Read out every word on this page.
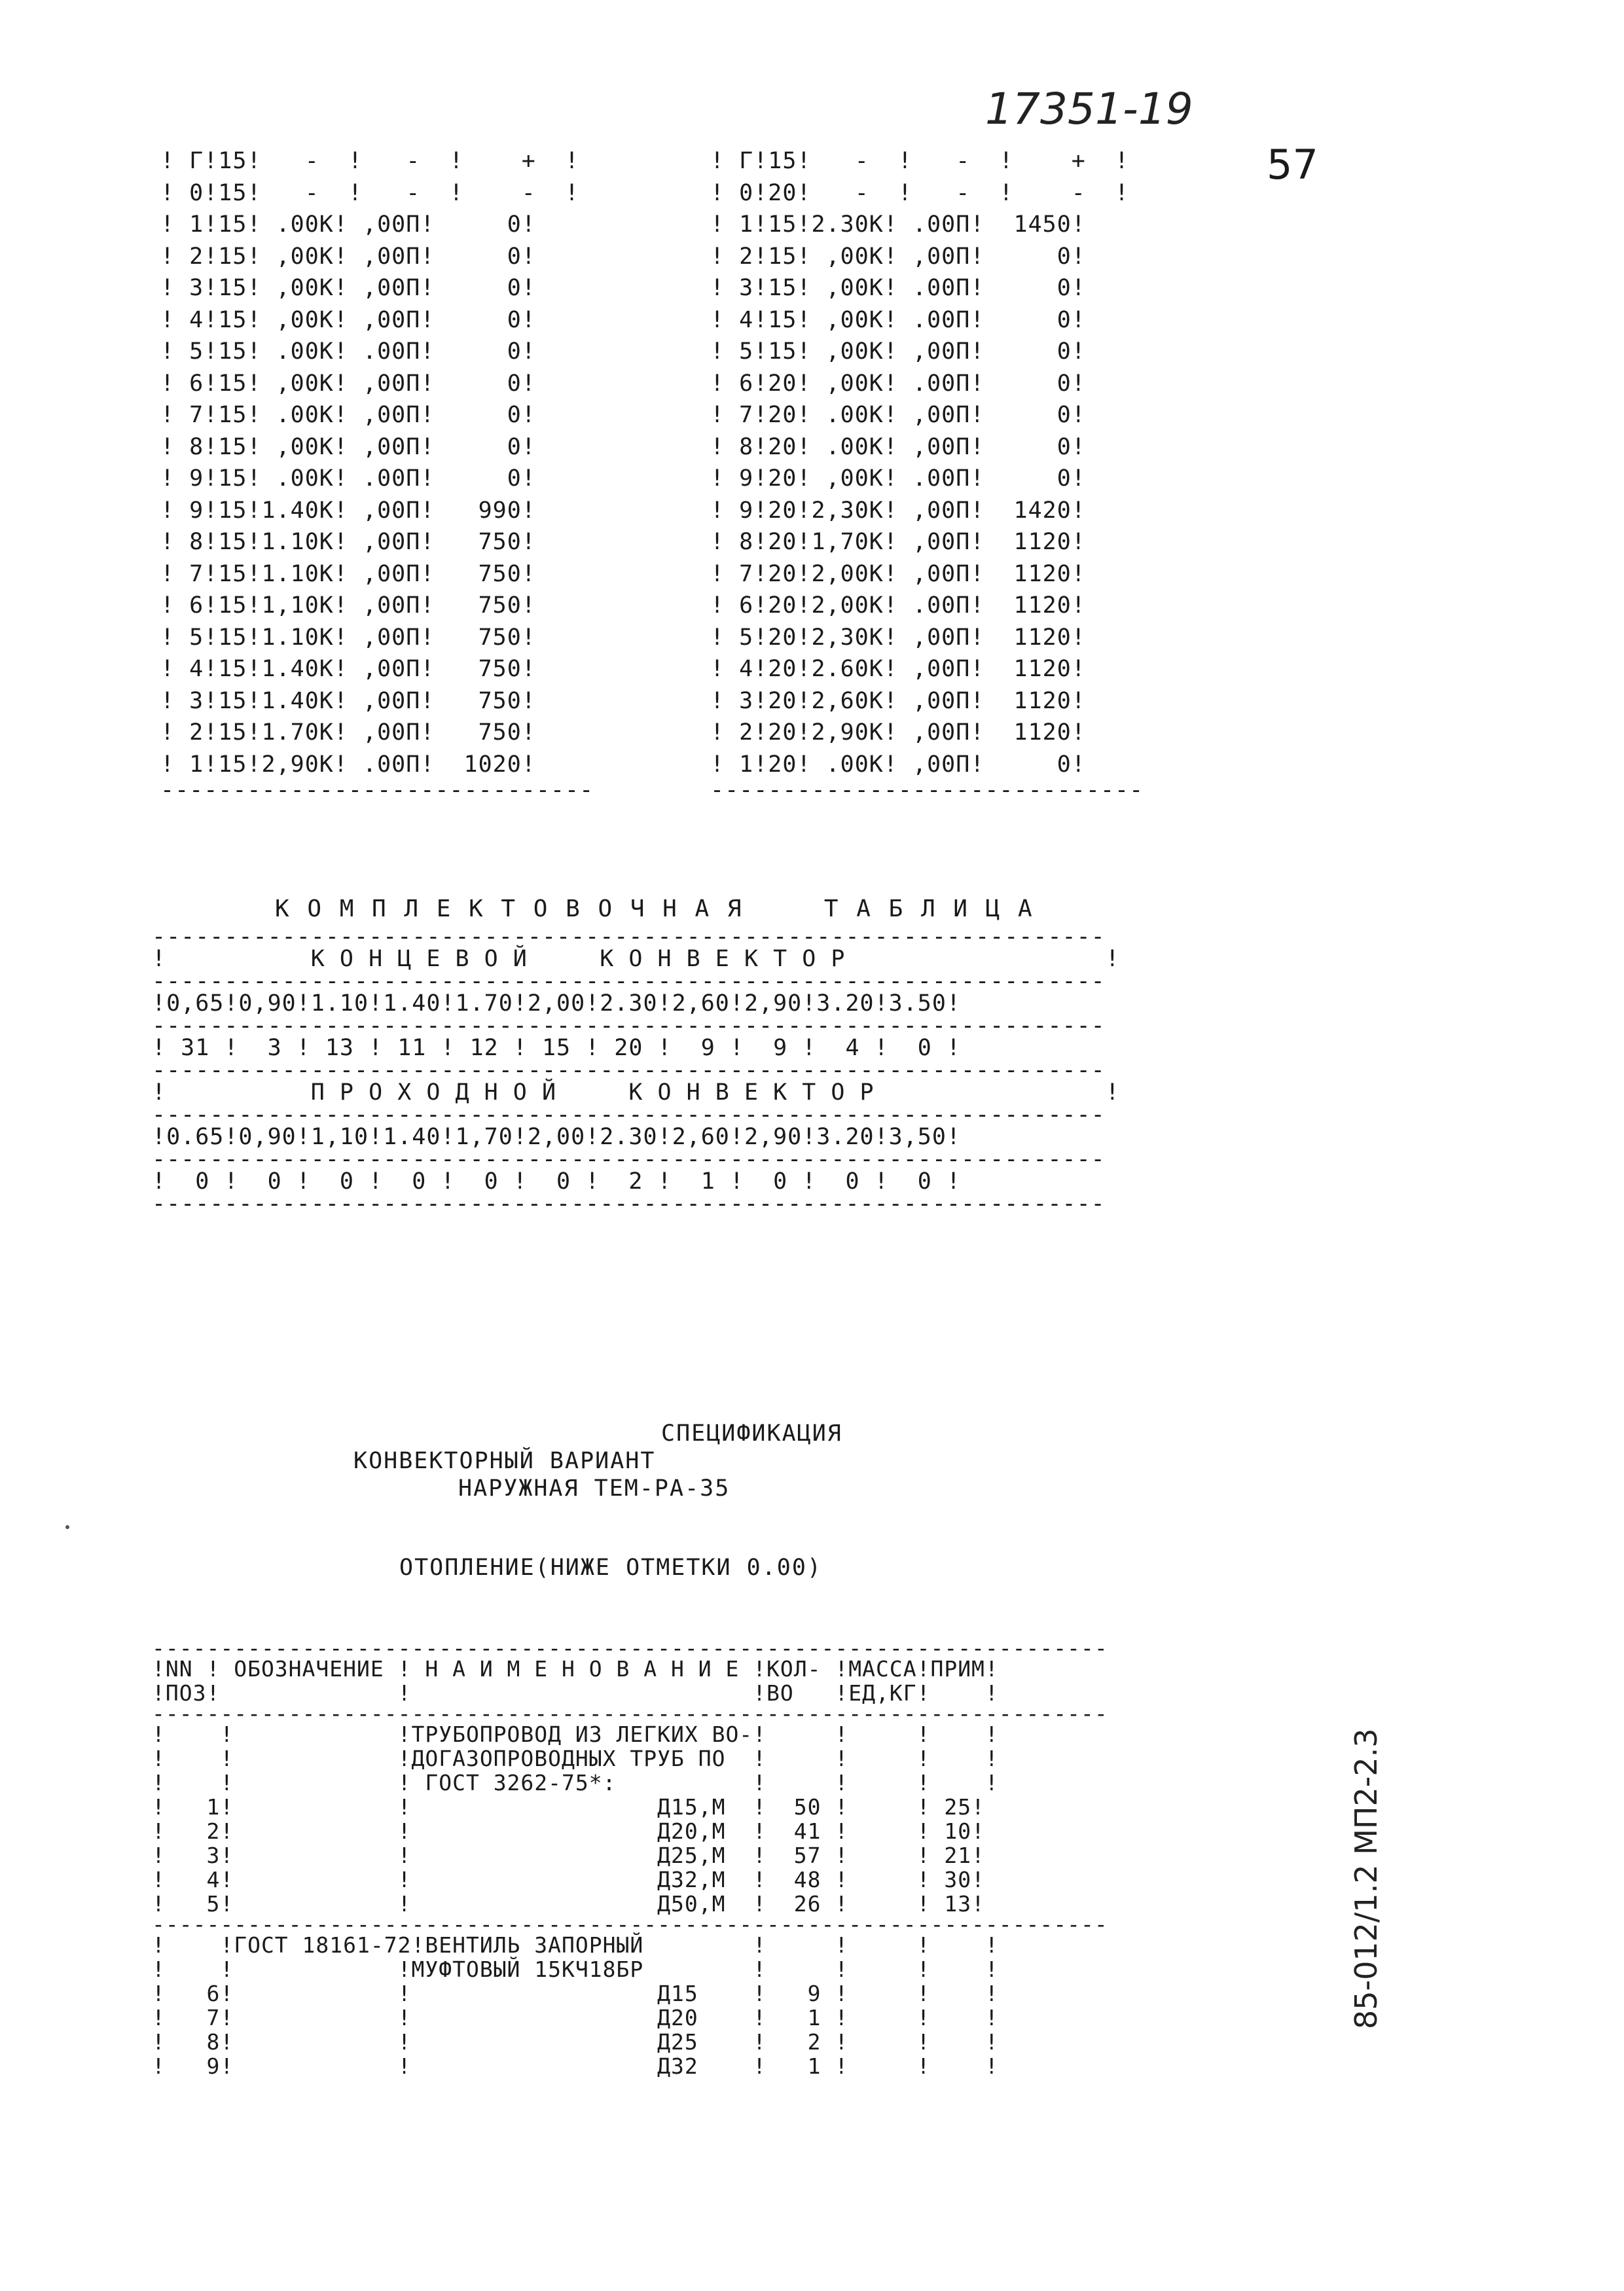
17351-19
57
! Г!15!   -  !   -  !    +  !
! 0!15!   -  !   -  !    -  !
! 1!15! .00К! ,00П!     0!
! 2!15! ,00К! ,00П!     0!
! 3!15! ,00К! ,00П!     0!
! 4!15! ,00К! ,00П!     0!
! 5!15! .00К! .00П!     0!
! 6!15! ,00К! ,00П!     0!
! 7!15! .00К! ,00П!     0!
! 8!15! ,00К! ,00П!     0!
! 9!15! .00К! .00П!     0!
! 9!15!1.40К! ,00П!   990!
! 8!15!1.10К! ,00П!   750!
! 7!15!1.10К! ,00П!   750!
! 6!15!1,10К! ,00П!   750!
! 5!15!1.10К! ,00П!   750!
! 4!15!1.40К! ,00П!   750!
! 3!15!1.40К! ,00П!   750!
! 2!15!1.70К! ,00П!   750!
! 1!15!2,90К! .00П!  1020!
------------------------------
! Г!15!   -  !   -  !    +  !
! 0!20!   -  !   -  !    -  !
! 1!15!2.30К! .00П!  1450!
! 2!15! ,00К! ,00П!     0!
! 3!15! ,00К! .00П!     0!
! 4!15! ,00К! .00П!     0!
! 5!15! ,00К! ,00П!     0!
! 6!20! ,00К! .00П!     0!
! 7!20! .00К! ,00П!     0!
! 8!20! .00К! ,00П!     0!
! 9!20! ,00К! .00П!     0!
! 9!20!2,30К! ,00П!  1420!
! 8!20!1,70К! ,00П!  1120!
! 7!20!2,00К! ,00П!  1120!
! 6!20!2,00К! .00П!  1120!
! 5!20!2,30К! ,00П!  1120!
! 4!20!2.60К! ,00П!  1120!
! 3!20!2,60К! ,00П!  1120!
! 2!20!2,90К! ,00П!  1120!
! 1!20! .00К! ,00П!     0!
------------------------------
К О М П Л Е К Т О В О Ч Н А Я     Т А Б Л И Ц А
------------------------------------------------------------------
!          К О Н Ц Е В О Й     К О Н В Е К Т О Р                  !
------------------------------------------------------------------
!0,65!0,90!1.10!1.40!1.70!2,00!2.30!2,60!2,90!3.20!3.50!
------------------------------------------------------------------
! 31 !  3 ! 13 ! 11 ! 12 ! 15 ! 20 !  9 !  9 !  4 !  0 !
------------------------------------------------------------------
!          П Р О Х О Д Н О Й     К О Н В Е К Т О Р                !
------------------------------------------------------------------
!0.65!0,90!1,10!1.40!1,70!2,00!2.30!2,60!2,90!3.20!3,50!
------------------------------------------------------------------
!  0 !  0 !  0 !  0 !  0 !  0 !  2 !  1 !  0 !  0 !  0 !
------------------------------------------------------------------
СПЕЦИФИКАЦИЯ
КОНВЕКТОРНЫЙ ВАРИАНТ
НАРУЖНАЯ ТЕМ-РА-35
ОТОПЛЕНИЕ(НИЖЕ ОТМЕТКИ 0.00)
----------------------------------------------------------------------
!NN ! ОБОЗНАЧЕНИЕ ! Н А И М Е Н О В А Н И Е !КОЛ- !МАССА!ПРИМ!
!ПОЗ!             !                         !ВО   !ЕД,КГ!    !
----------------------------------------------------------------------
!    !            !ТРУБОПРОВОД ИЗ ЛЕГКИХ ВО-!     !     !    !
!    !            !ДОГАЗОПРОВОДНЫХ ТРУБ ПО  !     !     !    !
!    !            ! ГОСТ 3262-75*:          !     !     !    !
!   1!            !                  Д15,М  !  50 !     ! 25!
!   2!            !                  Д20,М  !  41 !     ! 10!
!   3!            !                  Д25,М  !  57 !     ! 21!
!   4!            !                  Д32,М  !  48 !     ! 30!
!   5!            !                  Д50,М  !  26 !     ! 13!
----------------------------------------------------------------------
!    !ГОСТ 18161-72!ВЕНТИЛЬ ЗАПОРНЫЙ        !     !     !    !
!    !            !МУФТОВЫЙ 15КЧ18БР        !     !     !    !
!   6!            !                  Д15    !   9 !     !    !
!   7!            !                  Д20    !   1 !     !    !
!   8!            !                  Д25    !   2 !     !    !
!   9!            !                  Д32    !   1 !     !    !
85-012/1.2 МП2-2.3
